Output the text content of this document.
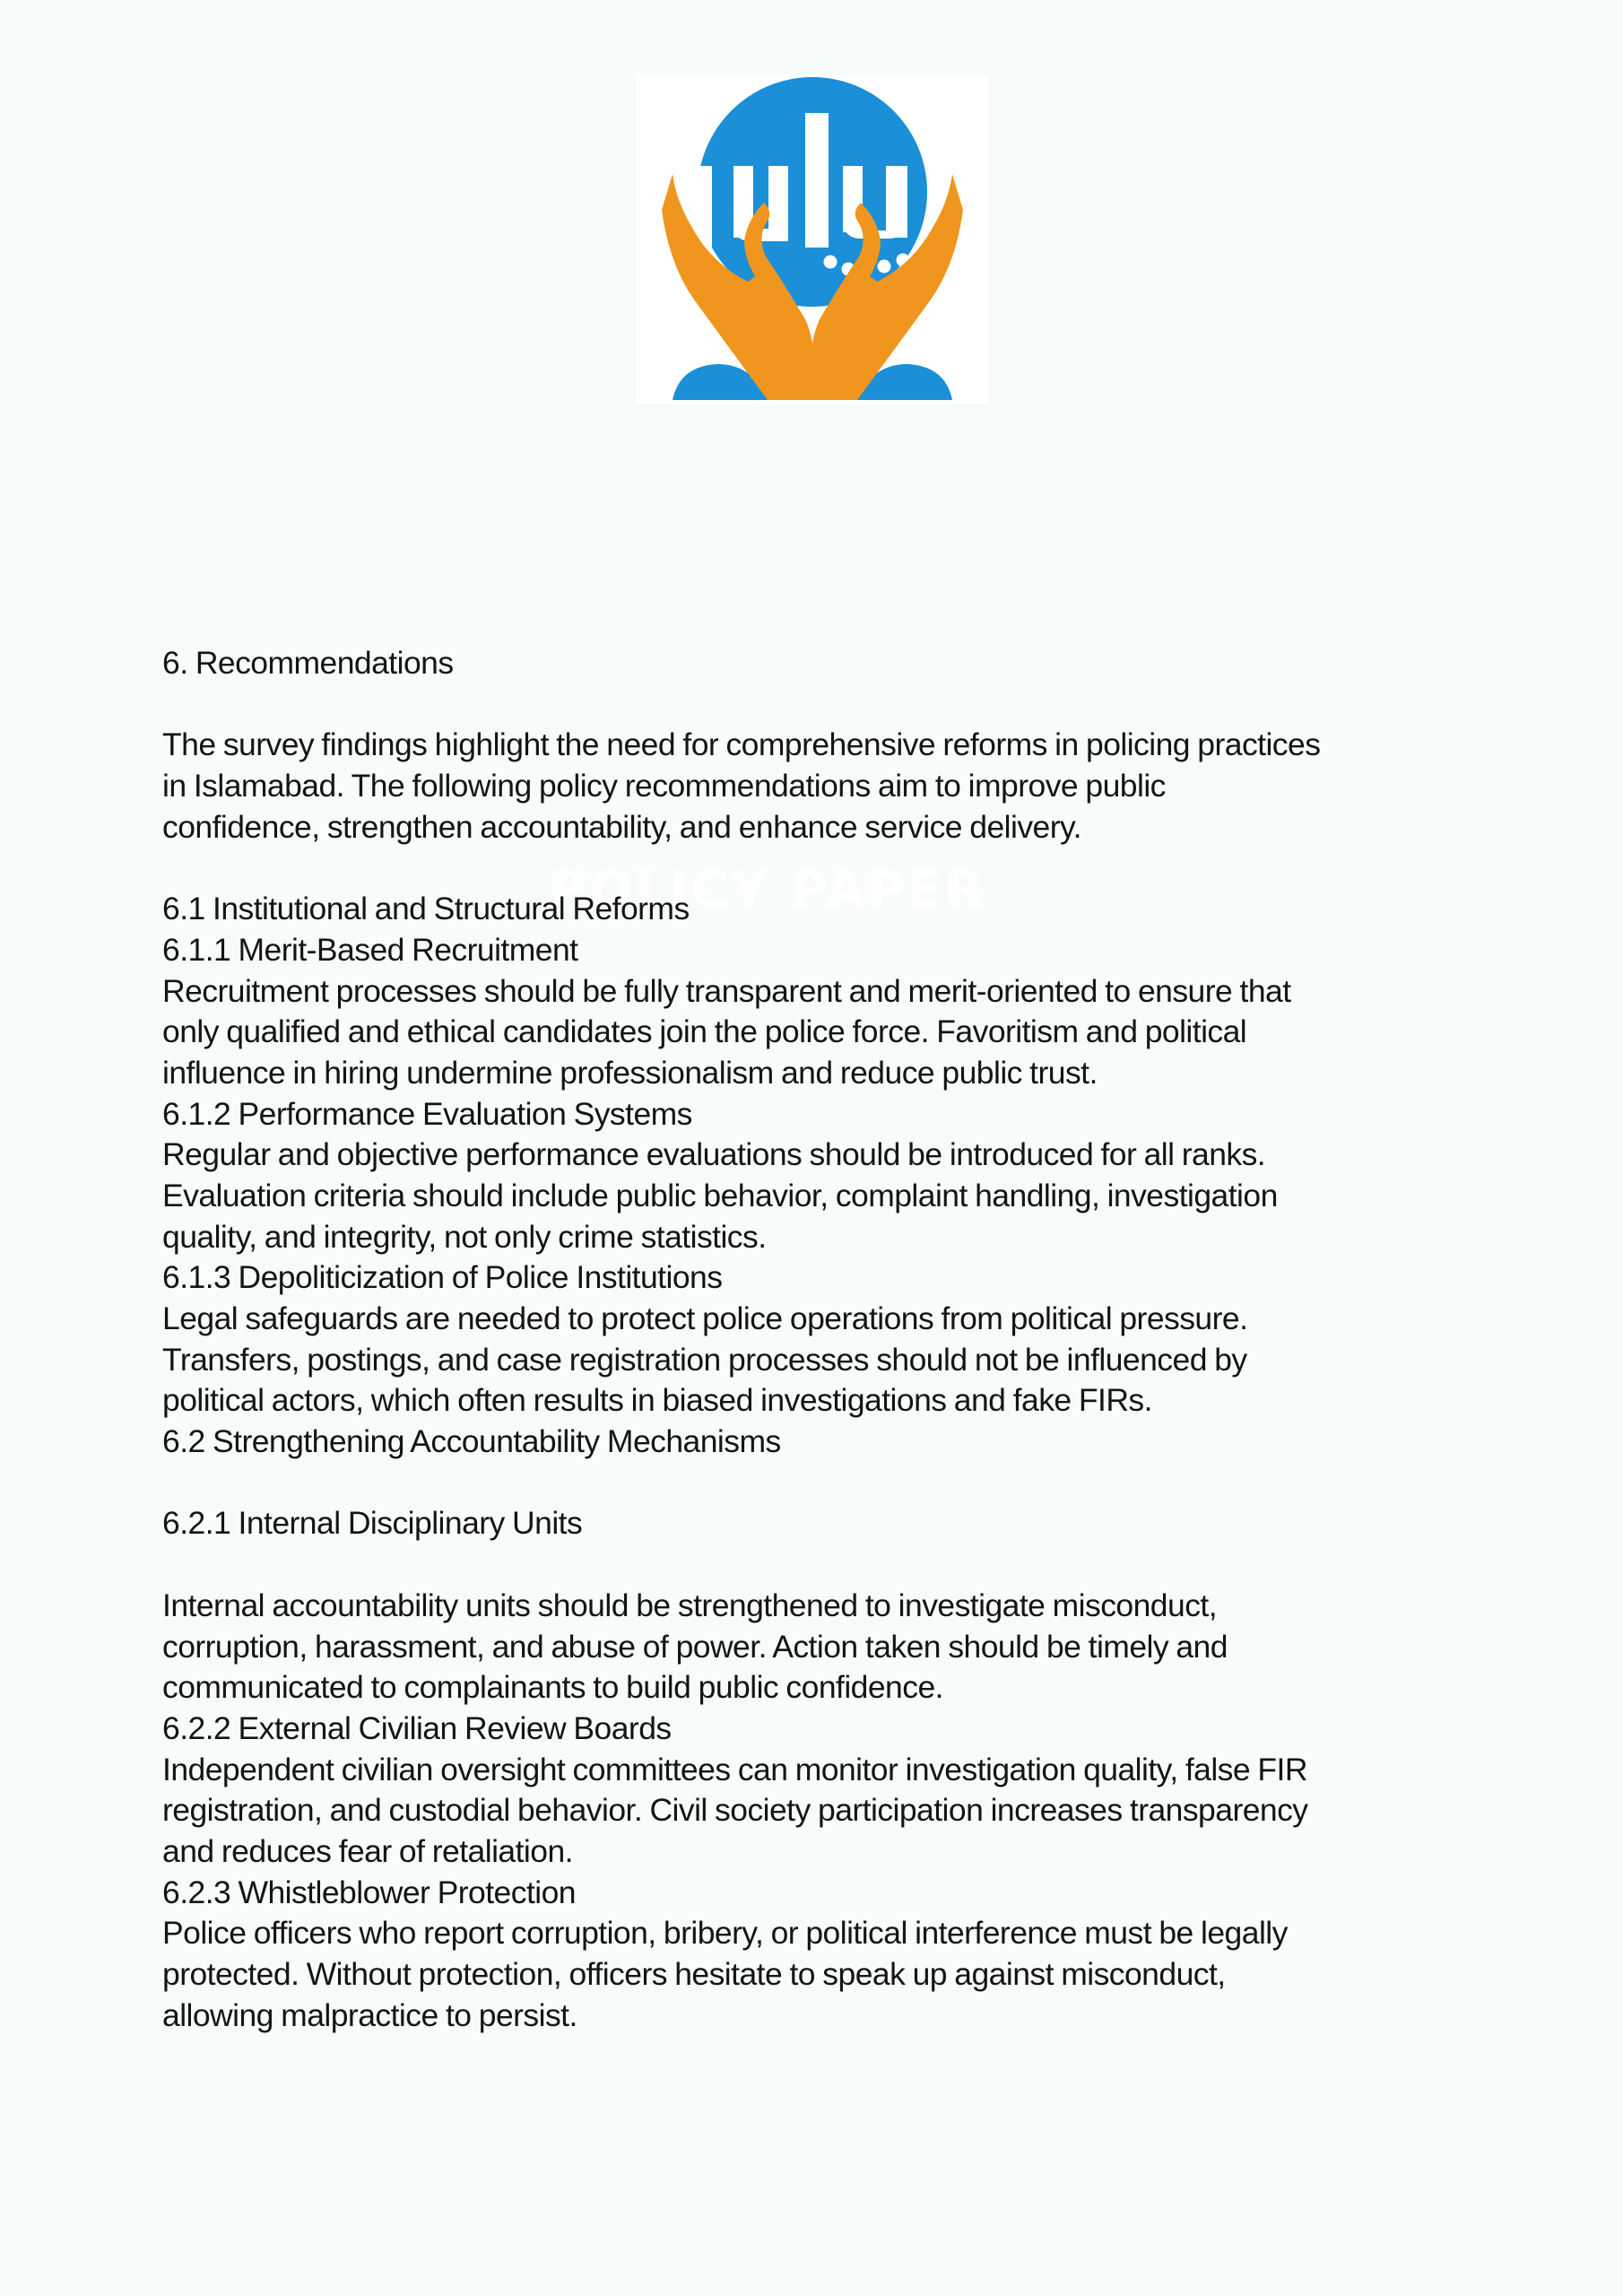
POLICY PAPER
6. Recommendations
The survey findings highlight the need for comprehensive reforms in policing practices
in Islamabad. The following policy recommendations aim to improve public
confidence, strengthen accountability, and enhance service delivery.
6.1 Institutional and Structural Reforms
6.1.1 Merit-Based Recruitment
Recruitment processes should be fully transparent and merit-oriented to ensure that
only qualified and ethical candidates join the police force. Favoritism and political
influence in hiring undermine professionalism and reduce public trust.
6.1.2 Performance Evaluation Systems
Regular and objective performance evaluations should be introduced for all ranks.
Evaluation criteria should include public behavior, complaint handling, investigation
quality, and integrity, not only crime statistics.
6.1.3 Depoliticization of Police Institutions
Legal safeguards are needed to protect police operations from political pressure.
Transfers, postings, and case registration processes should not be influenced by
political actors, which often results in biased investigations and fake FIRs.
6.2 Strengthening Accountability Mechanisms
6.2.1 Internal Disciplinary Units
Internal accountability units should be strengthened to investigate misconduct,
corruption, harassment, and abuse of power. Action taken should be timely and
communicated to complainants to build public confidence.
6.2.2 External Civilian Review Boards
Independent civilian oversight committees can monitor investigation quality, false FIR
registration, and custodial behavior. Civil society participation increases transparency
and reduces fear of retaliation.
6.2.3 Whistleblower Protection
Police officers who report corruption, bribery, or political interference must be legally
protected. Without protection, officers hesitate to speak up against misconduct,
allowing malpractice to persist.
